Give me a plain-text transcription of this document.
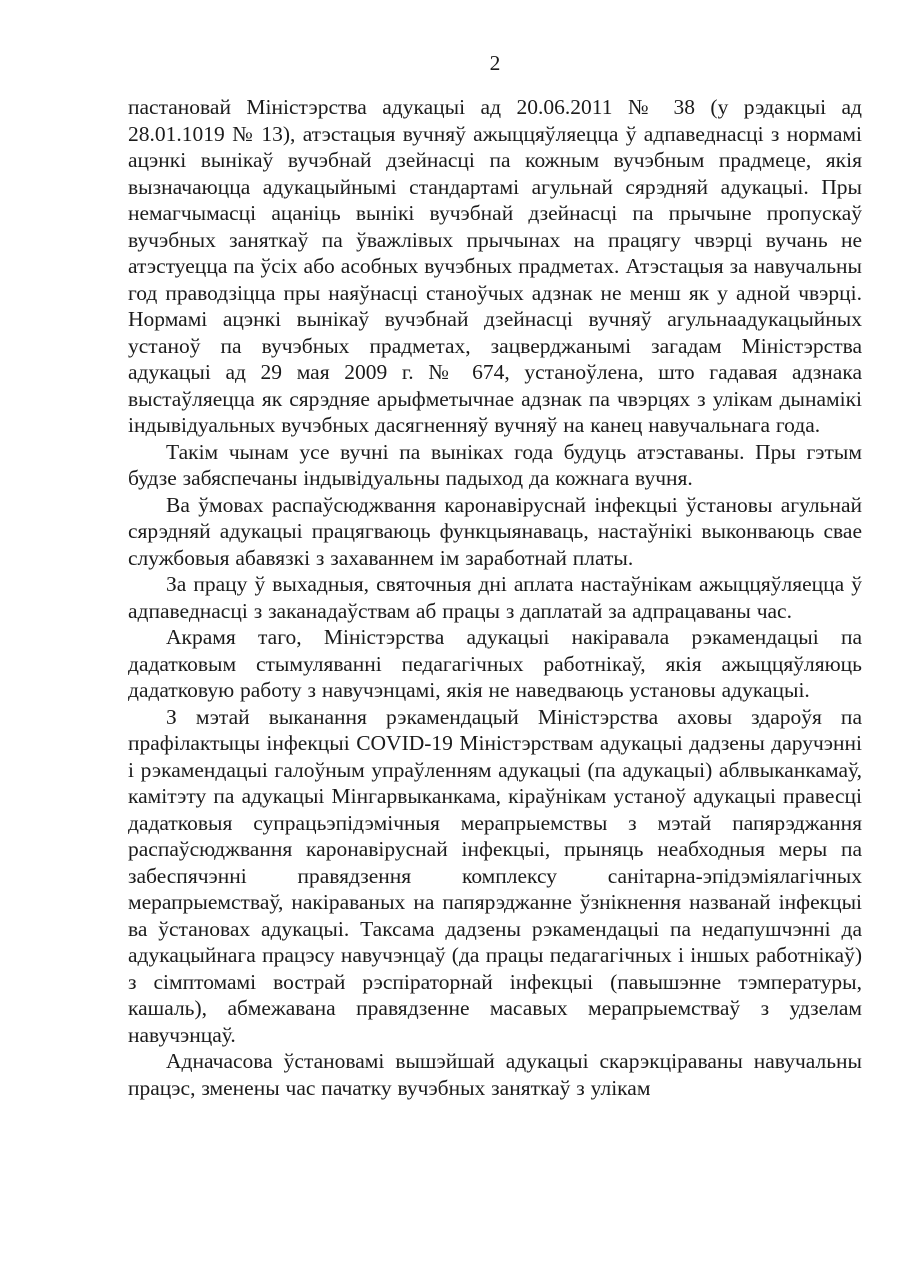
2

пастановай Міністэрства адукацыі ад 20.06.2011 № 38 (у рэдакцыі ад 28.01.1019 № 13), атэстацыя вучняў ажыццяўляецца ў адпаведнасці з нормамі ацэнкі вынікаў вучэбнай дзейнасці па кожным вучэбным прадмеце, якія вызначаюцца адукацыйнымі стандартамі агульнай сярэдняй адукацыі. Пры немагчымасці ацаніць вынікі вучэбнай дзейнасці па прычыне пропускаў вучэбных заняткаў па ўважлівых прычынах на працягу чвэрці вучань не атэстуецца па ўсіх або асобных вучэбных прадметах. Атэстацыя за навучальны год праводзіцца пры наяўнасці станоўчых адзнак не менш як у адной чвэрці. Нормамі ацэнкі вынікаў вучэбнай дзейнасці вучняў агульнаадукацыйных устаноў па вучэбных прадметах, зацверджанымі загадам Міністэрства адукацыі ад 29 мая 2009 г. № 674, устаноўлена, што гадавая адзнака выстаўляецца як сярэдняе арыфметычнае адзнак па чвэрцях з улікам дынамікі індывідуальных вучэбных дасягненняў вучняў на канец навучальнага года.

Такім чынам усе вучні па выніках года будуць атэставаны. Пры гэтым будзе забяспечаны індывідуальны падыход да кожнага вучня.

Ва ўмовах распаўсюджвання каронавіруснай інфекцыі ўстановы агульнай сярэдняй адукацыі працягваюць функцыянаваць, настаўнікі выконваюць свае службовыя абавязкі з захаваннем ім заработнай платы.

За працу ў выхадныя, святочныя дні аплата настаўнікам ажыццяўляецца ў адпаведнасці з заканадаўствам аб працы з даплатай за адпрацаваны час.

Акрамя таго, Міністэрства адукацыі накіравала рэкамендацыі па дадатковым стымуляванні педагагічных работнікаў, якія ажыццяўляюць дадатковую работу з навучэнцамі, якія не наведваюць установы адукацыі.

З мэтай выканання рэкамендацый Міністэрства аховы здароўя па прафілактыцы інфекцыі COVID-19 Міністэрствам адукацыі дадзены даручэнні і рэкамендацыі галоўным упраўленням адукацыі (па адукацыі) аблвыканкамаў, камітэту па адукацыі Мінгарвыканкама, кіраўнікам устаноў адукацыі правесці дадатковыя супрацьэпідэмічныя мерапрыемствы з мэтай папярэджання распаўсюджвання каронавіруснай інфекцыі, прыняць неабходныя меры па забеспячэнні правядзення комплексу санітарна-эпідэміялагічных мерапрыемстваў, накіраваных на папярэджанне ўзнікнення названай інфекцыі ва ўстановах адукацыі. Таксама дадзены рэкамендацыі па недапушчэнні да адукацыйнага працэсу навучэнцаў (да працы педагагічных і іншых работнікаў) з сімптомамі вострай рэспіраторнай інфекцыі (павышэнне тэмпературы, кашаль), абмежавана правядзенне масавых мерапрыемстваў з удзелам навучэнцаў.

Адначасова ўстановамі вышэйшай адукацыі скарэкціраваны навучальны працэс, зменены час пачатку вучэбных заняткаў з улікам
